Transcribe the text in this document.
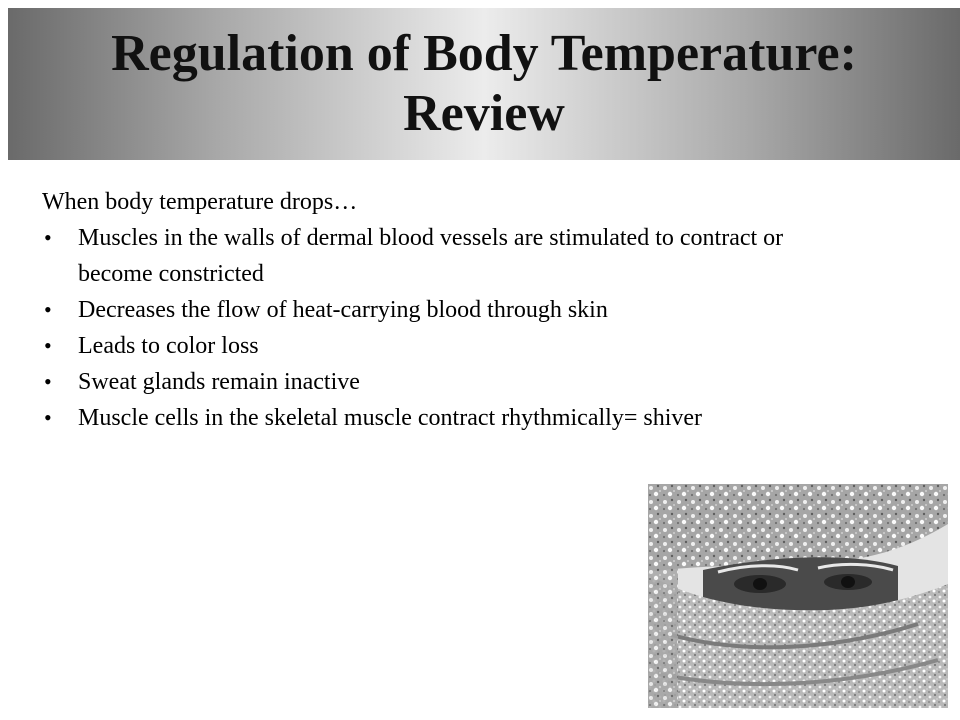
Regulation of Body Temperature:
Review

When body temperature drops…

• Muscles in the walls of dermal blood vessels are stimulated to contract or become constricted
• Decreases the flow of heat-carrying blood through skin
• Leads to color loss
• Sweat glands remain inactive
• Muscle cells in the skeletal muscle contract rhythmically= shiver
